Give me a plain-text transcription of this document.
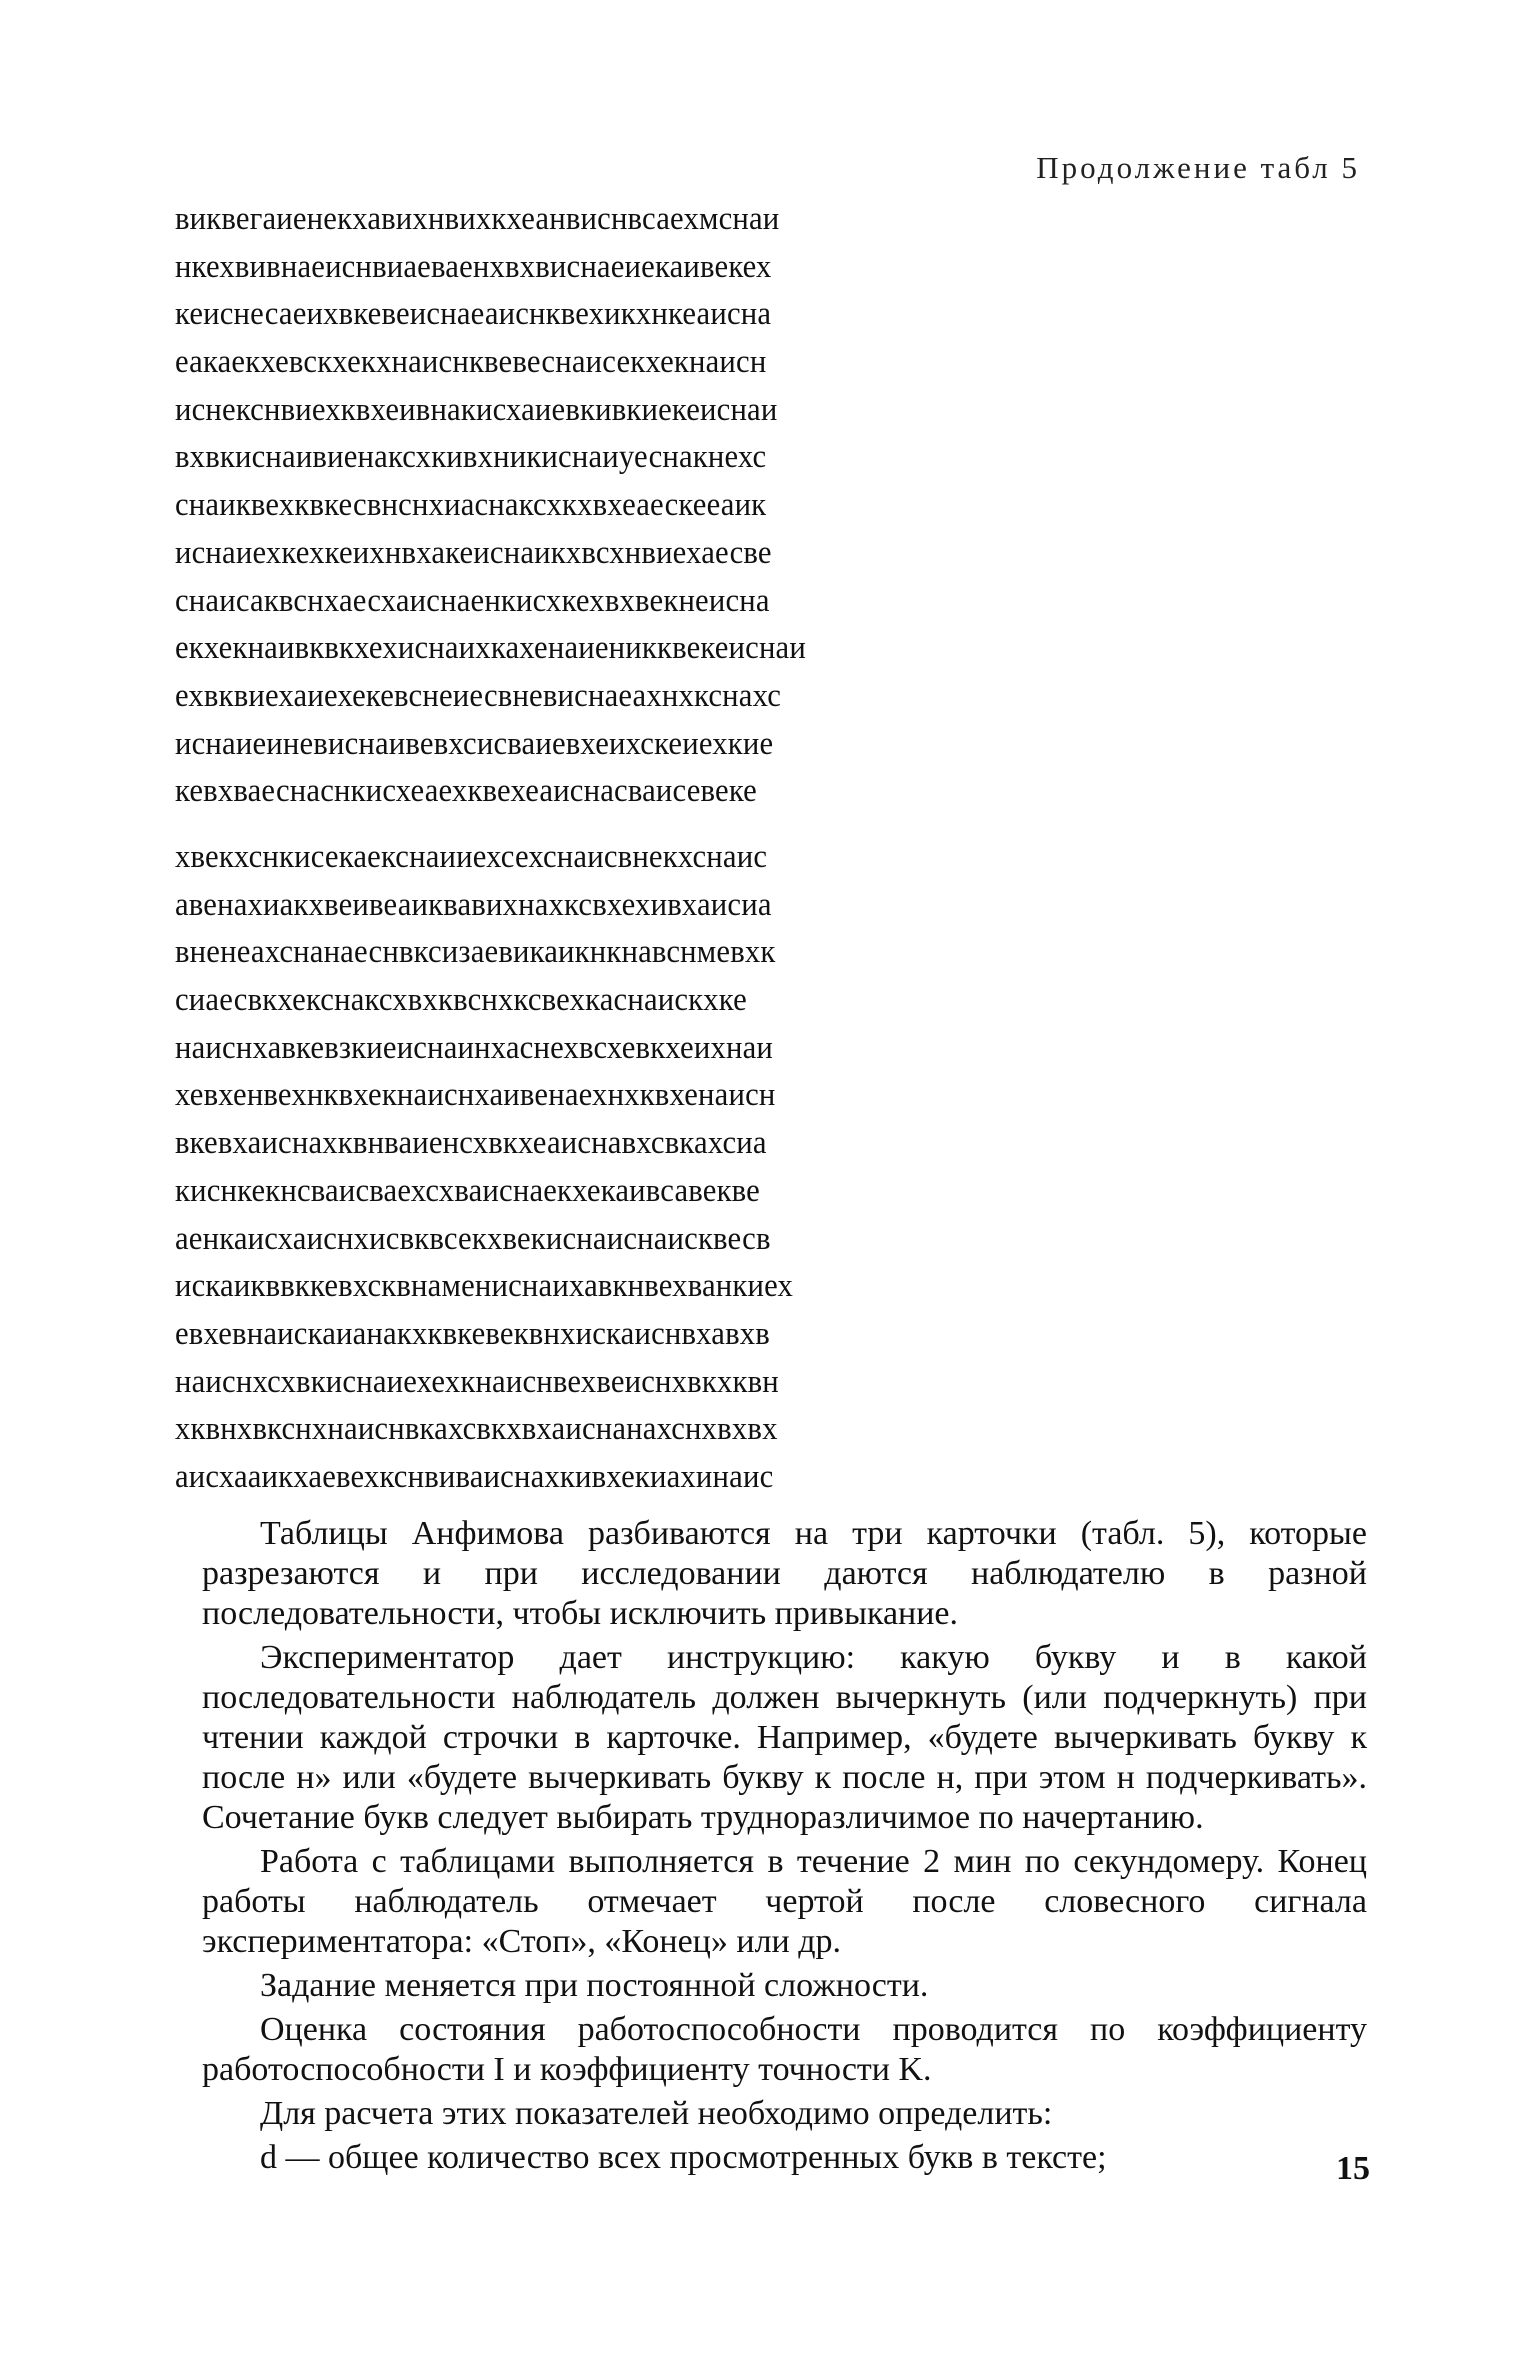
Продолжение табл 5
виквегаиенекхавихнвихкхеанвиснвсаехмснаи
нкехвивнаеиснвиаеваенхвхвиснаеиекаивекех
кеиснесаеихвкевеиснаеаиснквехикхнкеаисна
еакаекхевскхекхнаиснквевеснаисекхекнаисн
иснекснвиехквхеивнакисхаиевкивкиекеиснаи
вхвкиснаивиенаксхкивхникиснаиуеснакнехс
снаиквехквкесвнснхиаснаксхкхвхеаескееаик
иснаиехкехкеихнвхакеиснаикхвсхнвиехаесве
снаисаквснхаесхаиснаенкисхкехвхвекнеисна
екхекнаивквкхехиснаихкахенаиеникквекеиснаи
ехвквиехаиехекевснеиесвневиснаеахнхкснахс
иснаиеиневиснаивевхсисваиевхеихскеиехкие
кевхваеснаснкисхеаехквехеаиснасваисевеке
хвекхснкисекаекснаииехсехснаисвнекхснаис
авенахиакхвеивеаиквавихнахксвхехивхаисиа
вненеахснанаеснвксизаевикаикнкнавснмевхк
сиаесвкхекснаксхвхквснхксвехкаснаискхке
наиснхавкевзкиеиснаинхаснехвсхевкхеихнаи
хевхенвехнквхекнаиснхаивенаехнхквхенаисн
вкевхаиснахквнваиенсхвкхеаиснавхсвкахсиа
киснкекнсваисваехсхваиснаекхекаивсавекве
аенкаисхаиснхисвквсекхвекиснаиснаисквесв
искаикввккевхсквнамениснаихавкнвехванкиех
евхевнаискаианакхквкевеквнхискаиснвхавхв
наиснхсхвкиснаиехехкнаиснвехвеиснхвкхквн
хквнхвкснхнаиснвкахсвкхвхаиснанахснхвхвх
аисхааикхаевехкснвиваиснахкивхекиахинаис

Таблицы Анфимова разбиваются на три карточки (табл. 5), которые разрезаются и при исследовании даются наблюдателю в разной последовательности, чтобы исключить привыкание.

Экспериментатор дает инструкцию: какую букву и в какой последовательности наблюдатель должен вычеркнуть (или подчеркнуть) при чтении каждой строчки в карточке. Например, «будете вычеркивать букву к после н» или «будете вычеркивать букву к после н, при этом н подчеркивать». Сочетание букв следует выбирать трудноразличимое по начертанию.

Работа с таблицами выполняется в течение 2 мин по секундомеру. Конец работы наблюдатель отмечает чертой после словесного сигнала экспериментатора: «Стоп», «Конец» или др.

Задание меняется при постоянной сложности.

Оценка состояния работоспособности проводится по коэффициенту работоспособности I и коэффициенту точности K.

Для расчета этих показателей необходимо определить:

d — общее количество всех просмотренных букв в тексте;	15
